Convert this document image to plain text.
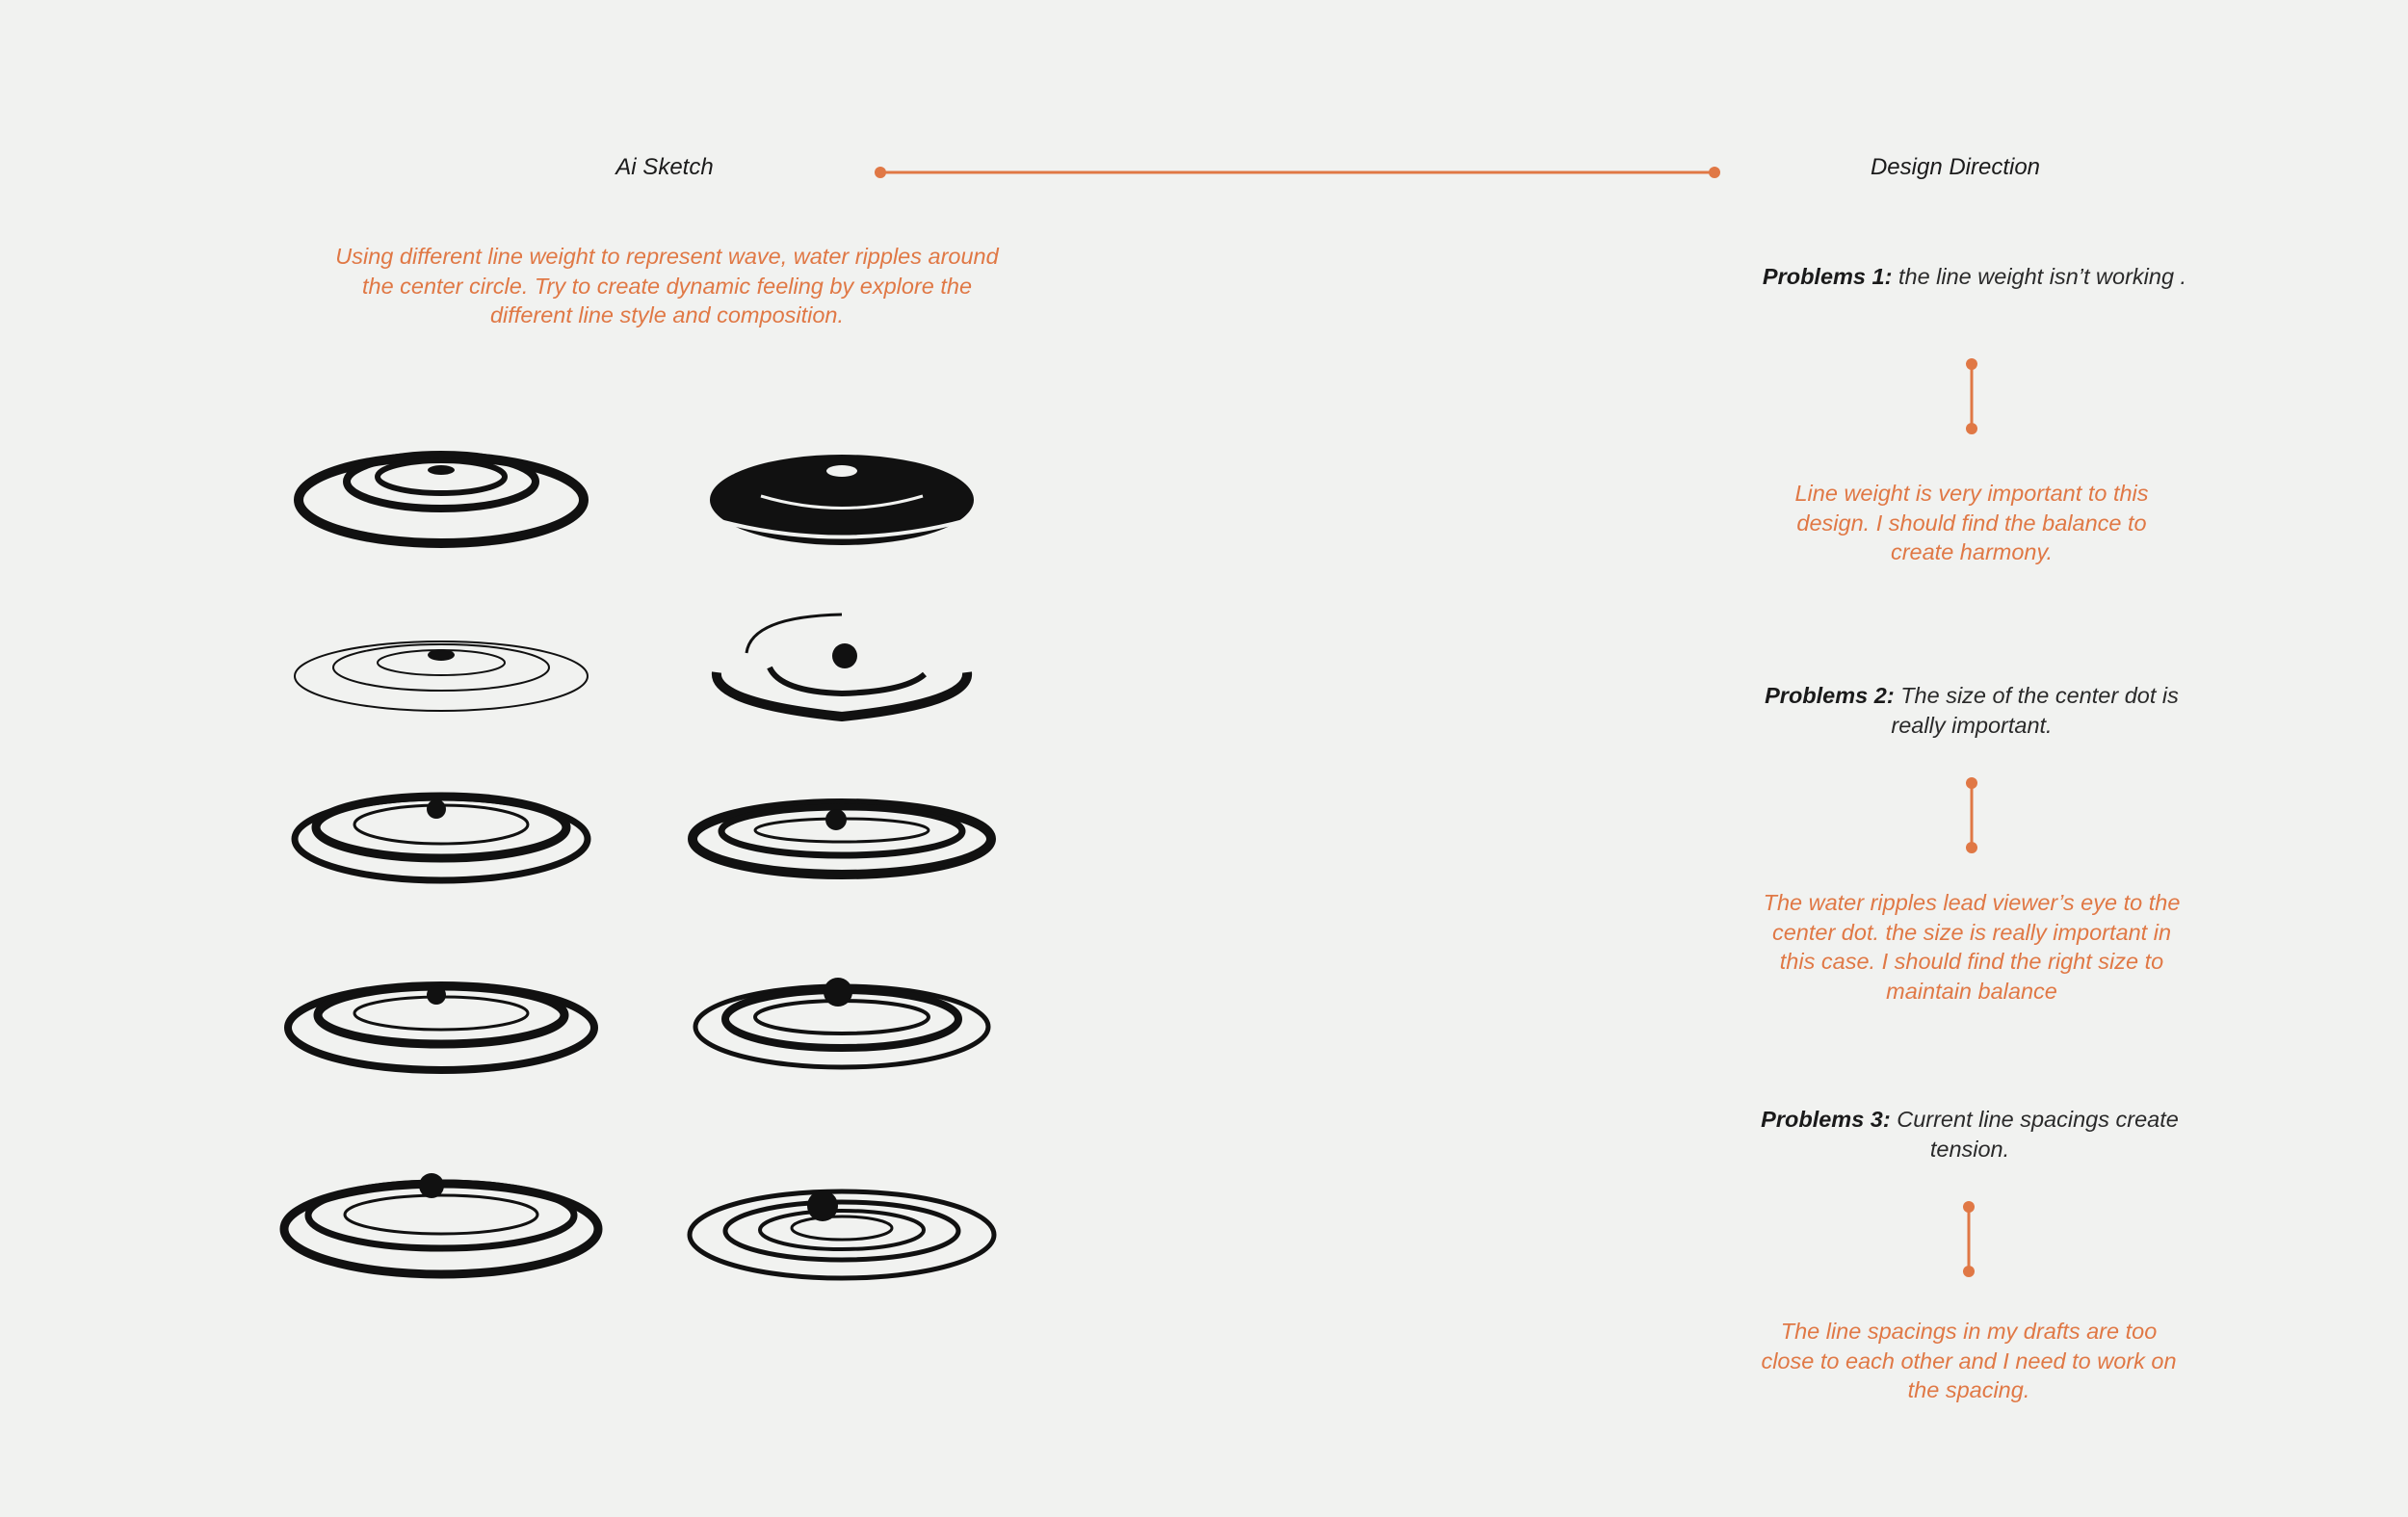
Ai Sketch	Design Direction
Using different line weight to represent wave, water ripples around the center circle. Try to create dynamic feeling by explore the different line style and composition.
Problems 1: the line weight isn’t working .
Line weight is very important to this design. I should find the balance to create harmony.
Problems 2: The size of the center dot is really important.
The water ripples lead viewer’s eye to the center dot. the size is really important in this case. I should find the right size to maintain balance
Problems 3: Current line spacings create tension.
The line spacings in my drafts are too close to each other and I need to work on the spacing.
